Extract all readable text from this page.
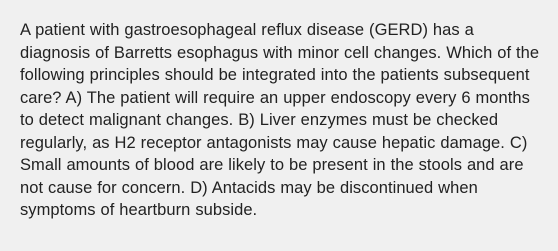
A patient with gastroesophageal reflux disease (GERD) has a diagnosis of Barretts esophagus with minor cell changes. Which of the following principles should be integrated into the patients subsequent care? A) The patient will require an upper endoscopy every 6 months to detect malignant changes. B) Liver enzymes must be checked regularly, as H2 receptor antagonists may cause hepatic damage. C) Small amounts of blood are likely to be present in the stools and are not cause for concern. D) Antacids may be discontinued when symptoms of heartburn subside.
